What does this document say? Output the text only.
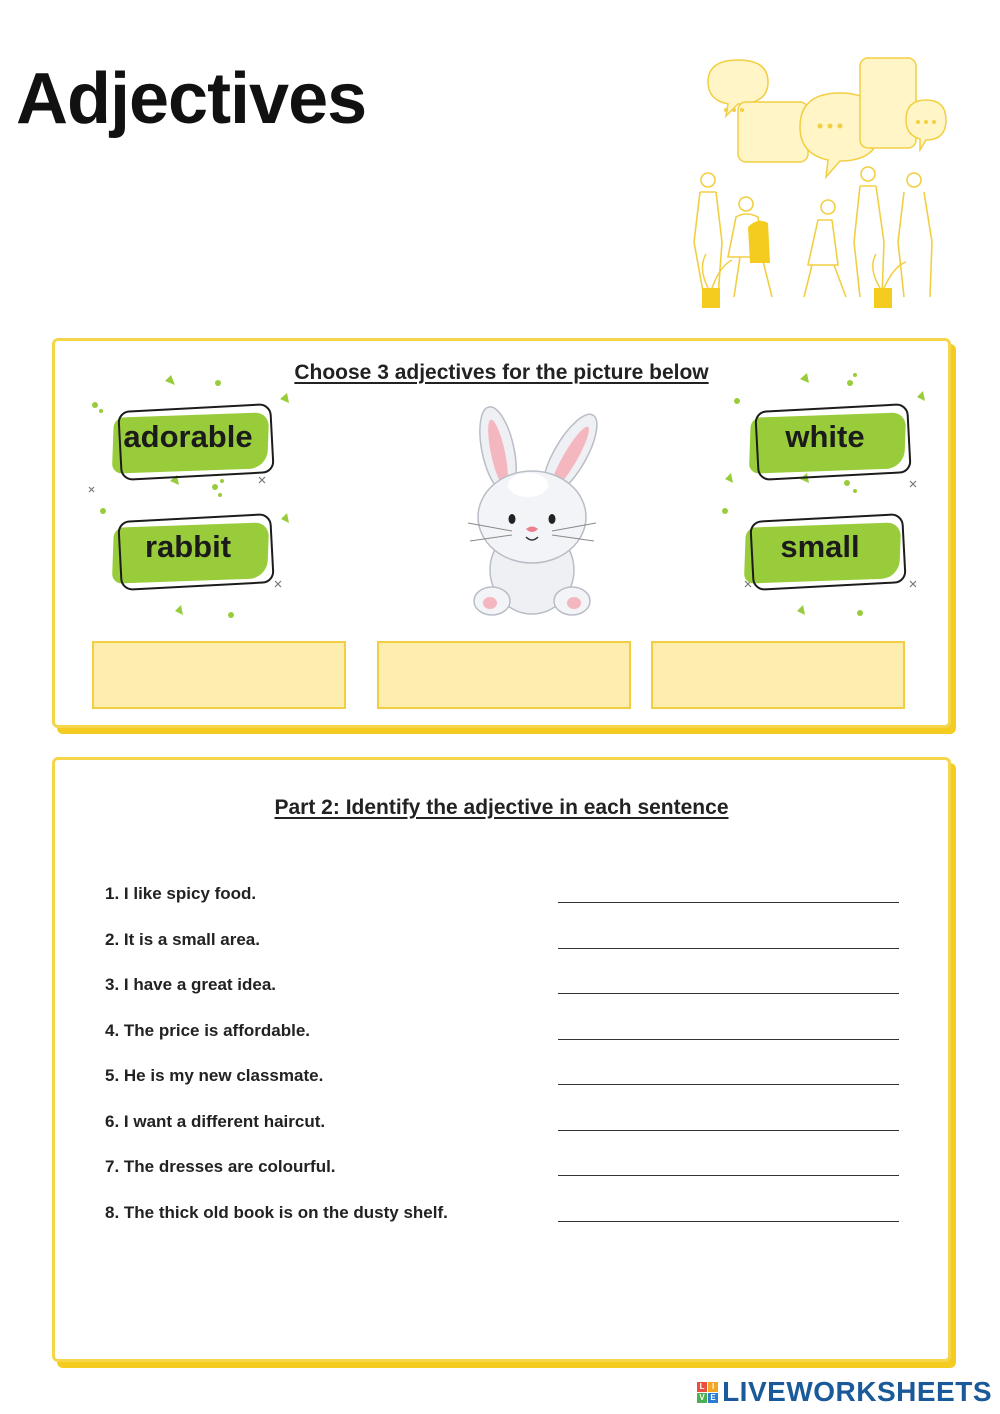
Adjectives
Choose 3 adjectives for the picture below
adorable
rabbit
white
small
Part 2: Identify the adjective in each sentence
1. I like spicy food.
2. It is a small area.
3. I have a great idea.
4. The price is affordable.
5. He is my new classmate.
6. I want a different haircut.
7. The dresses are colourful.
8. The thick old book is on the dusty shelf.
L I
V E LIVEWORKSHEETS
